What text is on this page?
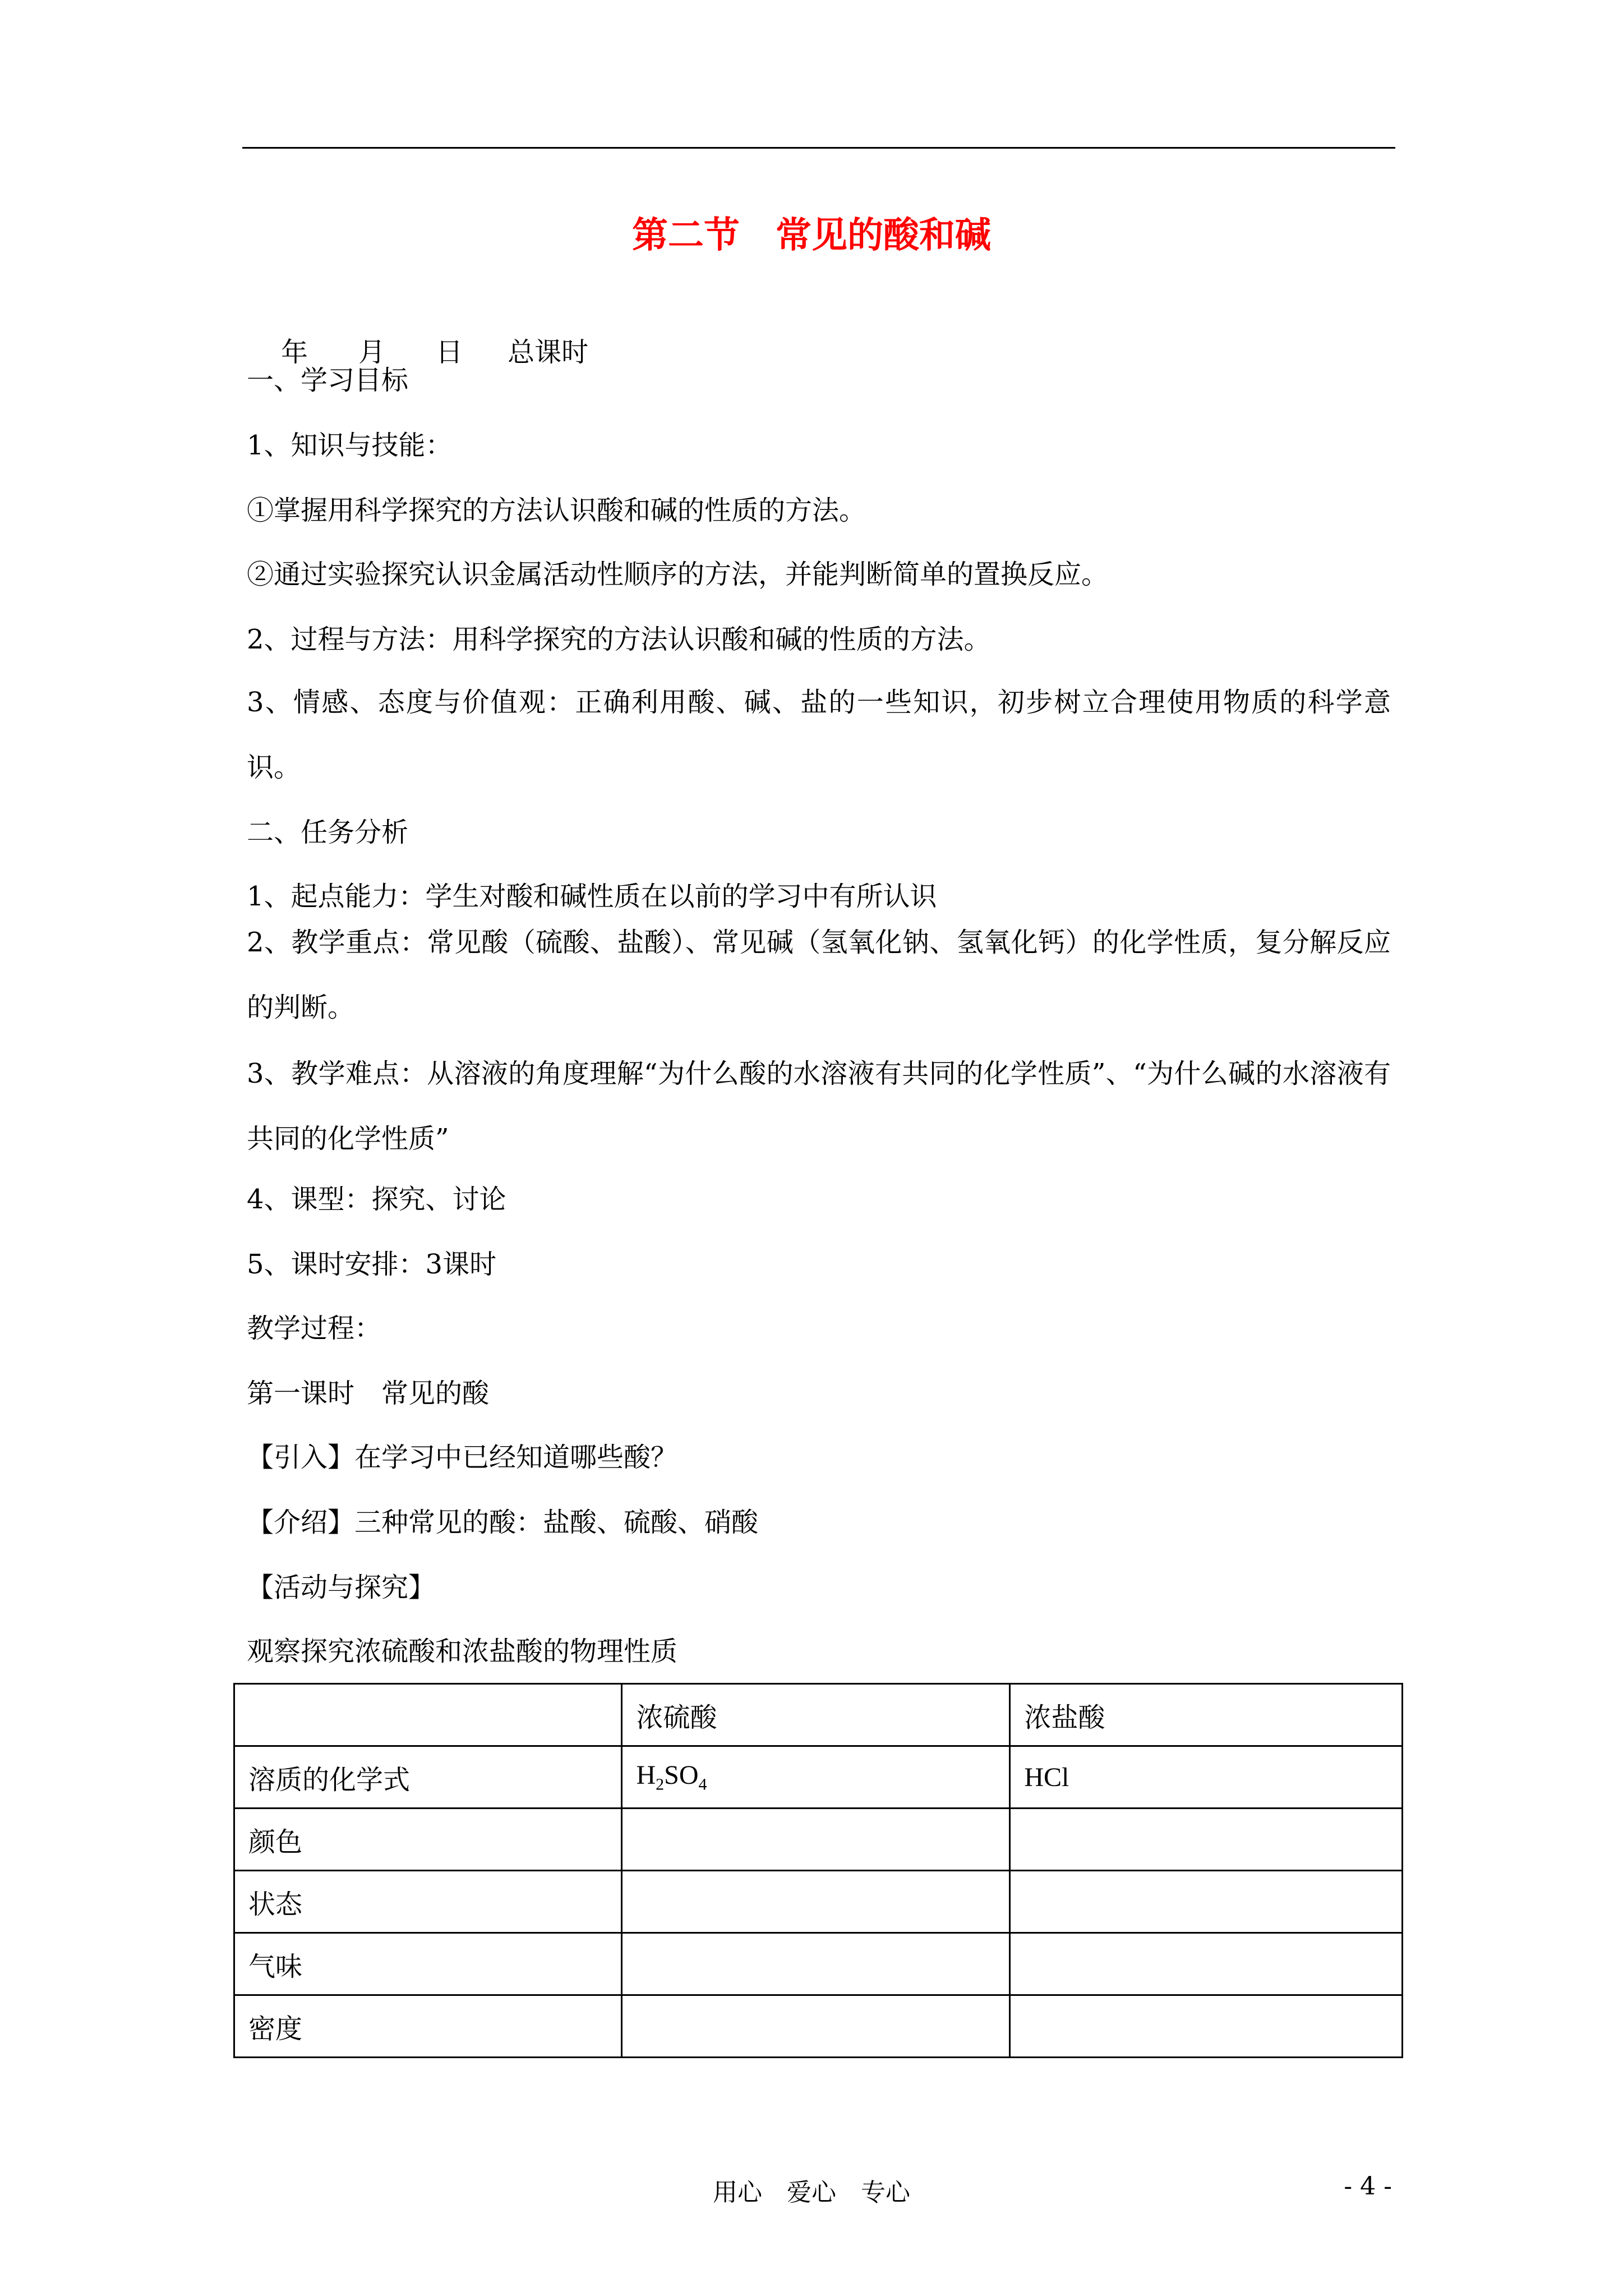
第二节　常见的酸和碱

年 月 日 总课时

一、学习目标
1、知识与技能：
①掌握用科学探究的方法认识酸和碱的性质的方法。
②通过实验探究认识金属活动性顺序的方法，并能判断简单的置换反应。
2、过程与方法：用科学探究的方法认识酸和碱的性质的方法。
3、情感、态度与价值观：正确利用酸、碱、盐的一些知识，初步树立合理使用物质的科学意识。
二、任务分析
1、起点能力：学生对酸和碱性质在以前的学习中有所认识
2、教学重点：常见酸（硫酸、盐酸）、常见碱（氢氧化钠、氢氧化钙）的化学性质，复分解反应的判断。
3、教学难点：从溶液的角度理解“为什么酸的水溶液有共同的化学性质”、“为什么碱的水溶液有共同的化学性质”
4、课型：探究、讨论
5、课时安排：3课时
教学过程：
第一课时　常见的酸
【引入】在学习中已经知道哪些酸？
【介绍】三种常见的酸：盐酸、硫酸、硝酸
【活动与探究】
观察探究浓硫酸和浓盐酸的物理性质
	浓硫酸	浓盐酸
溶质的化学式	$H_2SO_4$	HCl
颜色		
状态		
气味		
密度		
用心　爱心　专心	- 4 -
